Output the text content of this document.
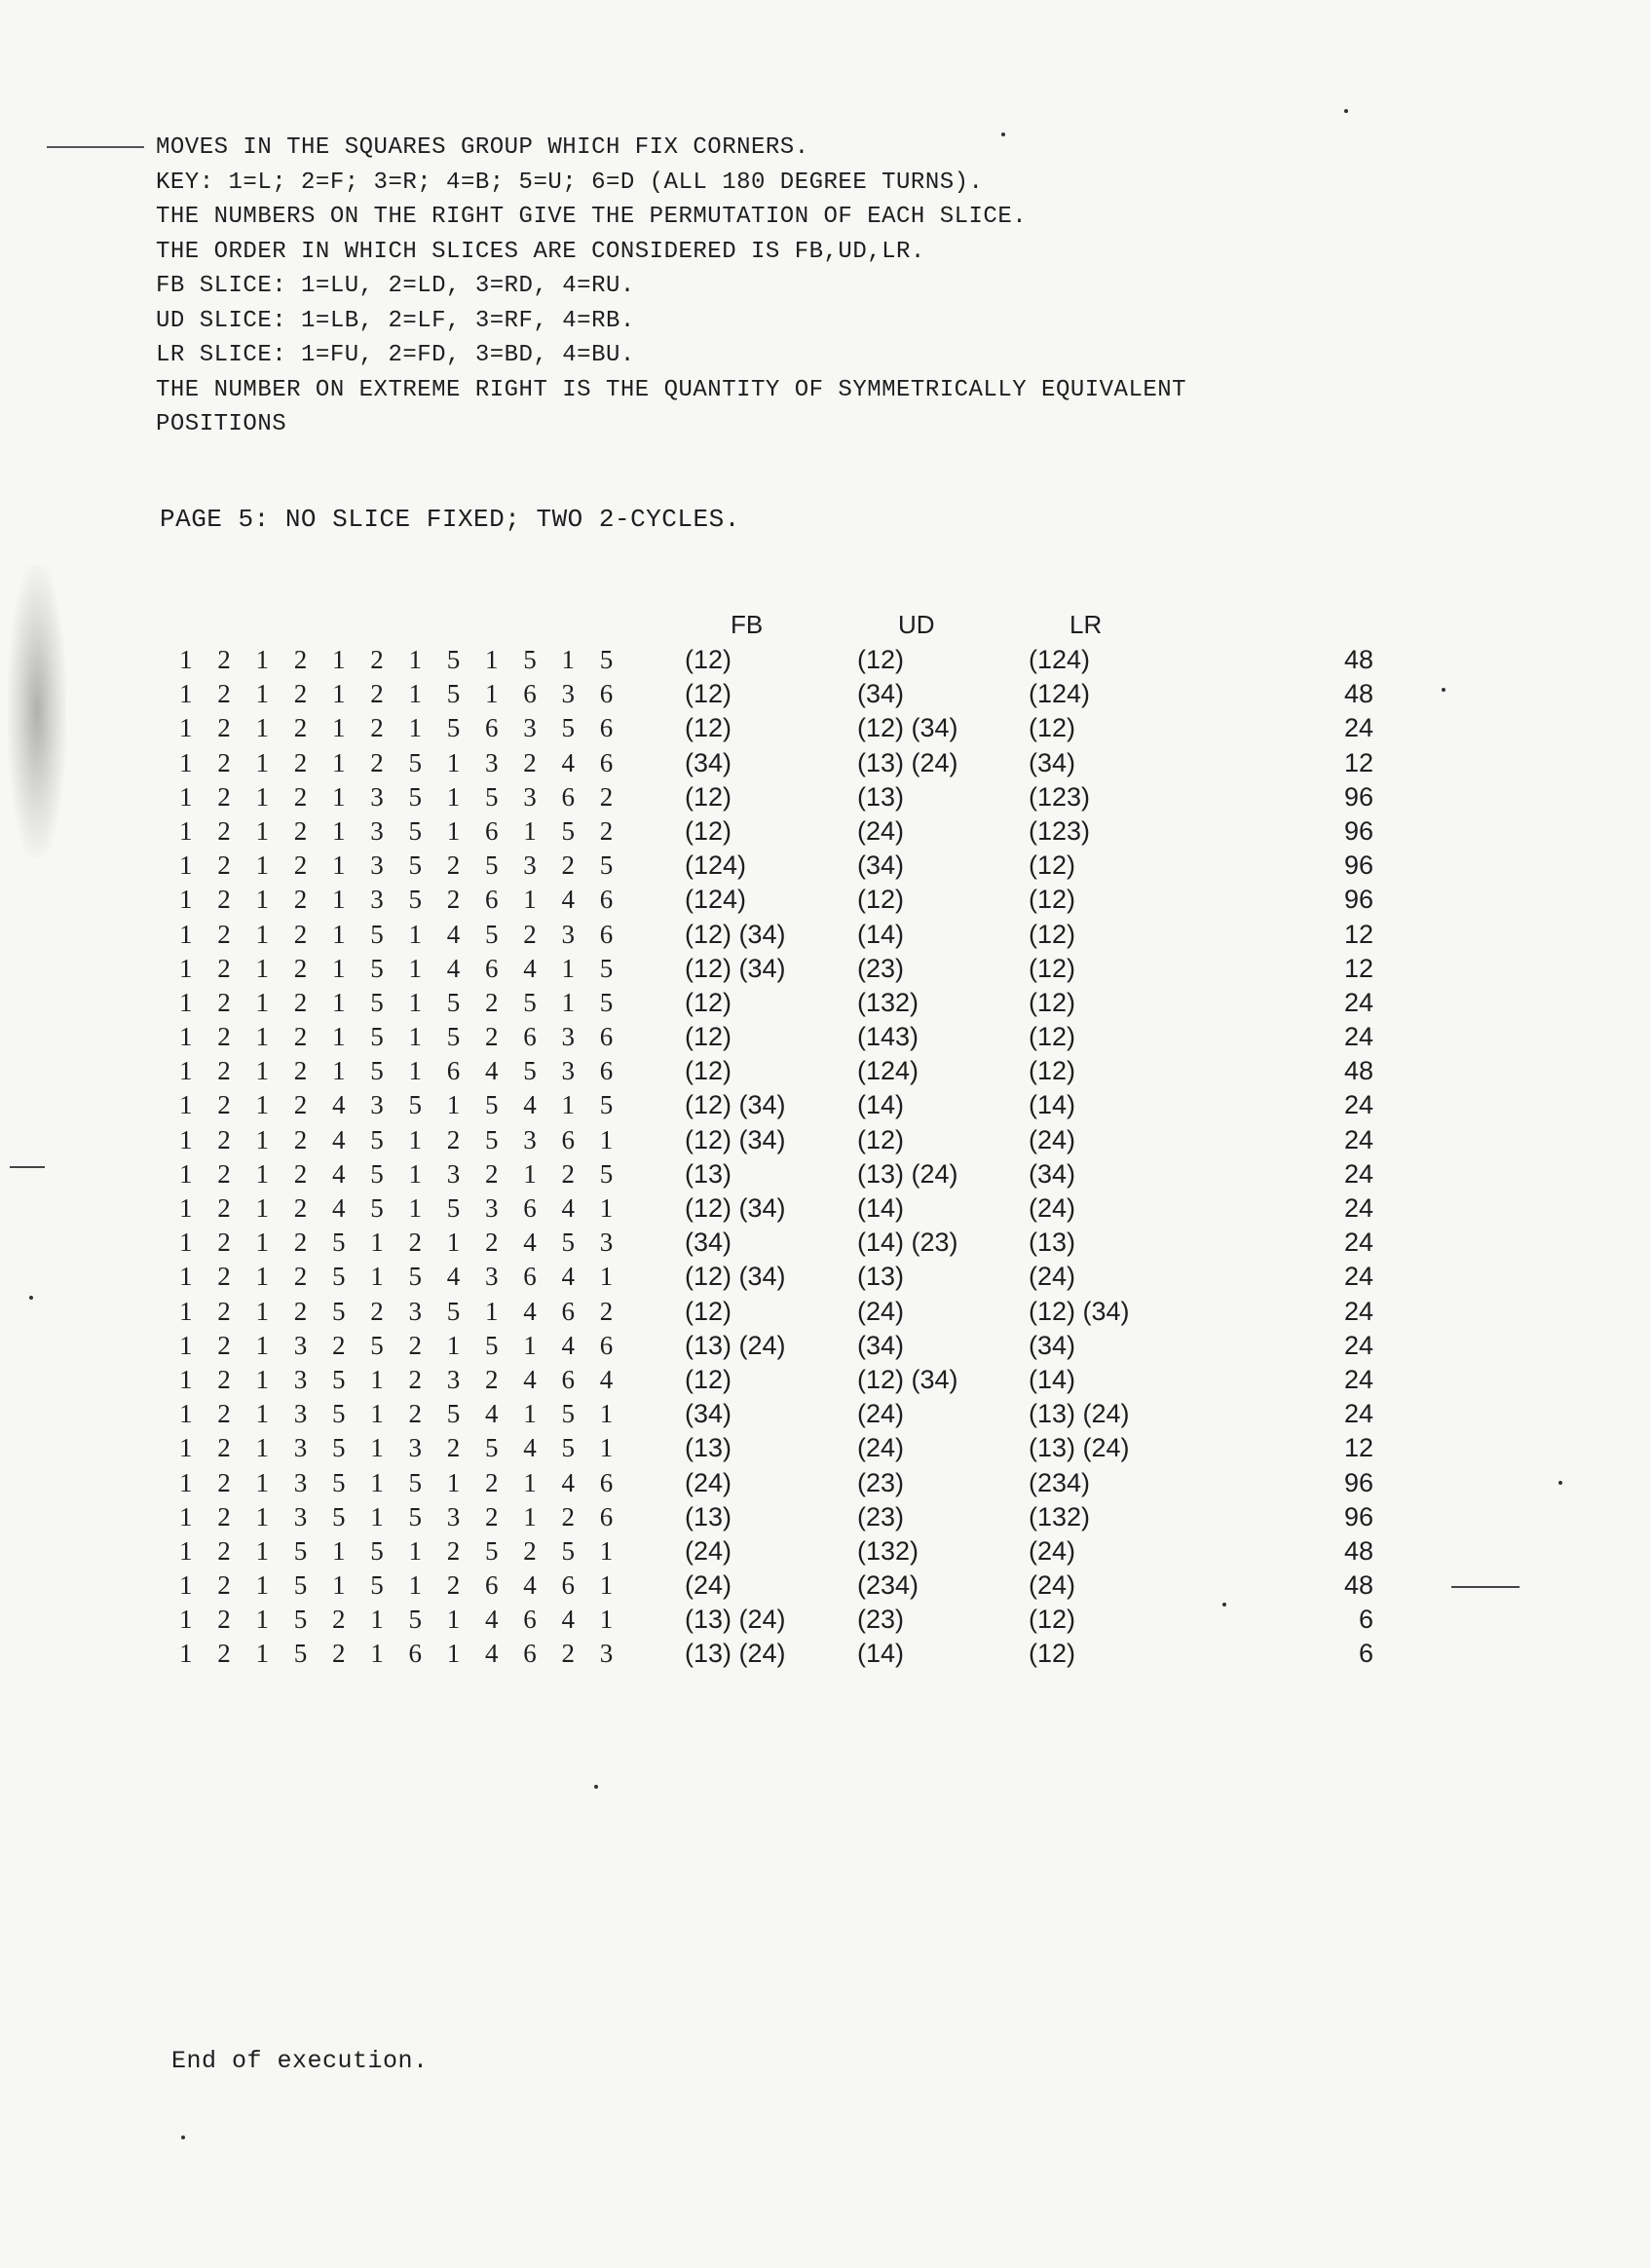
MOVES IN THE SQUARES GROUP WHICH FIX CORNERS.
KEY: 1=L; 2=F; 3=R; 4=B; 5=U; 6=D (ALL 180 DEGREE TURNS).
THE NUMBERS ON THE RIGHT GIVE THE PERMUTATION OF EACH SLICE.
THE ORDER IN WHICH SLICES ARE CONSIDERED IS FB,UD,LR.
FB SLICE: 1=LU, 2=LD, 3=RD, 4=RU.
UD SLICE: 1=LB, 2=LF, 3=RF, 4=RB.
LR SLICE: 1=FU, 2=FD, 3=BD, 4=BU.
THE NUMBER ON EXTREME RIGHT IS THE QUANTITY OF SYMMETRICALLY EQUIVALENT
POSITIONS
PAGE 5: NO SLICE FIXED; TWO 2-CYCLES.
FB	UD	LR
1 2 1 2 1 2 1 5 1 5 1 5 (12)	(12)	(124)	48
1 2 1 2 1 2 1 5 1 6 3 6 (12)	(34)	(124)	48
1 2 1 2 1 2 1 5 6 3 5 6 (12)	(12) (34)	(12)	24
1 2 1 2 1 2 5 1 3 2 4 6 (34)	(13) (24)	(34)	12
1 2 1 2 1 3 5 1 5 3 6 2 (12)	(13)	(123)	96
1 2 1 2 1 3 5 1 6 1 5 2 (12)	(24)	(123)	96
1 2 1 2 1 3 5 2 5 3 2 5 (124)	(34)	(12)	96
1 2 1 2 1 3 5 2 6 1 4 6 (124)	(12)	(12)	96
1 2 1 2 1 5 1 4 5 2 3 6 (12) (34)	(14)	(12)	12
1 2 1 2 1 5 1 4 6 4 1 5 (12) (34)	(23)	(12)	12
1 2 1 2 1 5 1 5 2 5 1 5 (12)	(132)	(12)	24
1 2 1 2 1 5 1 5 2 6 3 6 (12)	(143)	(12)	24
1 2 1 2 1 5 1 6 4 5 3 6 (12)	(124)	(12)	48
1 2 1 2 4 3 5 1 5 4 1 5 (12) (34)	(14)	(14)	24
1 2 1 2 4 5 1 2 5 3 6 1 (12) (34)	(12)	(24)	24
1 2 1 2 4 5 1 3 2 1 2 5 (13)	(13) (24)	(34)	24
1 2 1 2 4 5 1 5 3 6 4 1 (12) (34)	(14)	(24)	24
1 2 1 2 5 1 2 1 2 4 5 3 (34)	(14) (23)	(13)	24
1 2 1 2 5 1 5 4 3 6 4 1 (12) (34)	(13)	(24)	24
1 2 1 2 5 2 3 5 1 4 6 2 (12)	(24)	(12) (34)	24
1 2 1 3 2 5 2 1 5 1 4 6 (13) (24)	(34)	(34)	24
1 2 1 3 5 1 2 3 2 4 6 4 (12)	(12) (34)	(14)	24
1 2 1 3 5 1 2 5 4 1 5 1 (34)	(24)	(13) (24)	24
1 2 1 3 5 1 3 2 5 4 5 1 (13)	(24)	(13) (24)	12
1 2 1 3 5 1 5 1 2 1 4 6 (24)	(23)	(234)	96
1 2 1 3 5 1 5 3 2 1 2 6 (13)	(23)	(132)	96
1 2 1 5 1 5 1 2 5 2 5 1 (24)	(132)	(24)	48
1 2 1 5 1 5 1 2 6 4 6 1 (24)	(234)	(24)	48
1 2 1 5 2 1 5 1 4 6 4 1 (13) (24)	(23)	(12)	6
1 2 1 5 2 1 6 1 4 6 2 3 (13) (24)	(14)	(12)	6
End of execution.
